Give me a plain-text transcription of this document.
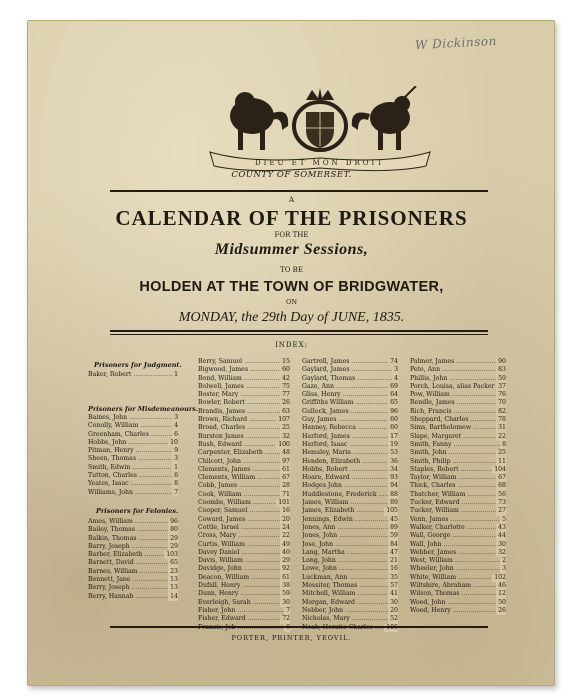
W Dickinson
DIEU ET MON DROIT
COUNTY OF SOMERSET.
A
CALENDAR OF THE PRISONERS
FOR THE
Midsummer Sessions,
TO BE
HOLDEN AT THE TOWN OF BRIDGWATER,
ON
MONDAY, the 29th Day of JUNE, 1835.
INDEX:
Prisoners for Judgment.
Baker, Robert .....	1
Prisoners for Misdemeanours.
Baines, John .....	3
Conolly, William .....	4
Greenham, Charles .....	6
Hobbs, John .....	10
Pitman, Henry .....	9
Sheen, Thomas .....	3
Smith, Edwin .....	1
Tutton, Charles .....	6
Yeates, Isaac .....	8
Williams, John .....	7
Prisoners for Felonies.
Ames, William .....	96
Bailey, Thomas .....	80
Balkin, Thomas .....	29
Barry, Joseph .....	29
Barber, Elizabeth .....	103
Barnett, David .....	65
Barnes, William .....	23
Bennett, Jane .....	13
Berry, Joseph .....	13
Berry, Hannah .....	14
Berry, Samuel .....	15
Bigwood, James .....	60
Bond, William .....	42
Bolwell, James .....	75
Boster, Mary .....	77
Bowler, Robert .....	26
Brandis, James .....	63
Brown, Richard .....	107
Broad, Charles .....	25
Burston James .....	32
Bush, Edward .....	100
Carpenter, Elizabeth .....	48
Chilcott, John .....	97
Clements, James .....	61
Clements, William .....	67
Cobb, James .....	28
Cook, William .....	71
Coombs, William .....	101
Cooper, Samuel .....	16
Coward, James .....	20
Cottle, Israel .....	24
Cross, Mary .....	22
Curtis, William .....	49
Davey Daniel .....	40
Davis, William .....	29
Davidge, John .....	92
Deacon, William .....	61
Dufall, Henry .....	38
Dunn, Henry .....	59
Everleigh, Sarah .....	30
Fisher, John .....	7
Fisher, Edward .....	72
Francis, Job .....	9
Gartrell, James .....	74
Gaylard, James .....	3
Gaylard, Thomas .....	4
Gaze, Ann .....	69
Gliss, Henry .....	64
Griffiths William .....	65
Gullock, James .....	96
Guy, James .....	60
Hanney, Rebecca .....	60
Harford, James .....	17
Harford, Isaac .....	19
Hemsley, Maria .....	53
Henden, Elizabeth .....	36
Hobbs, Robert .....	34
Hoare, Edward .....	93
Hodges John .....	94
Huddlestone, Frederick .....	88
James, William .....	89
James, Elizabeth .....	105
Jennings, Edwin .....	45
Jones, Ann .....	89
Jones, John .....	59
Jose, John .....	84
Lang, Martha .....	47
Long, John .....	21
Lowe, John .....	16
Luckman, Ann .....	35
Messiter, Thomas .....	57
Mitchell, William .....	41
Morgan, Edward .....	30
Nebber, John .....	20
Nicholas, Mary .....	52
Noah, Horatio Charles .....	106
Palmer, James .....	90
Pete, Ann .....	83
Phillis, John .....	59
Porch, Louisa, alias Packer ..... 37
Pow, William .....	76
Rendle, James .....	70
Rich, Francis .....	82
Sheppard, Charles .....	78
Sims, Bartholomew .....	31
Slape, Margaret .....	22
Smith, Fanny .....	8
Smith, John .....	25
Smith, Philip .....	11
Staples, Robert .....	104
Taylor, William .....	67
Thick, Charles .....	68
Thatcher, William .....	56
Tucker, Edward .....	73
Tucker, William .....	27
Venn, James .....	5
Walker, Charlotte .....	43
Wall, George .....	44
Wall, John .....	30
Webber, James .....	32
West, William .....	2
Wheeler, John .....	3
White, William .....	102
Wiltshire, Abraham .....	46
Wilson, Thomas .....	12
Wood, John .....	50
Wood, Henry .....	26
PORTER, PRINTER, YEOVIL.
